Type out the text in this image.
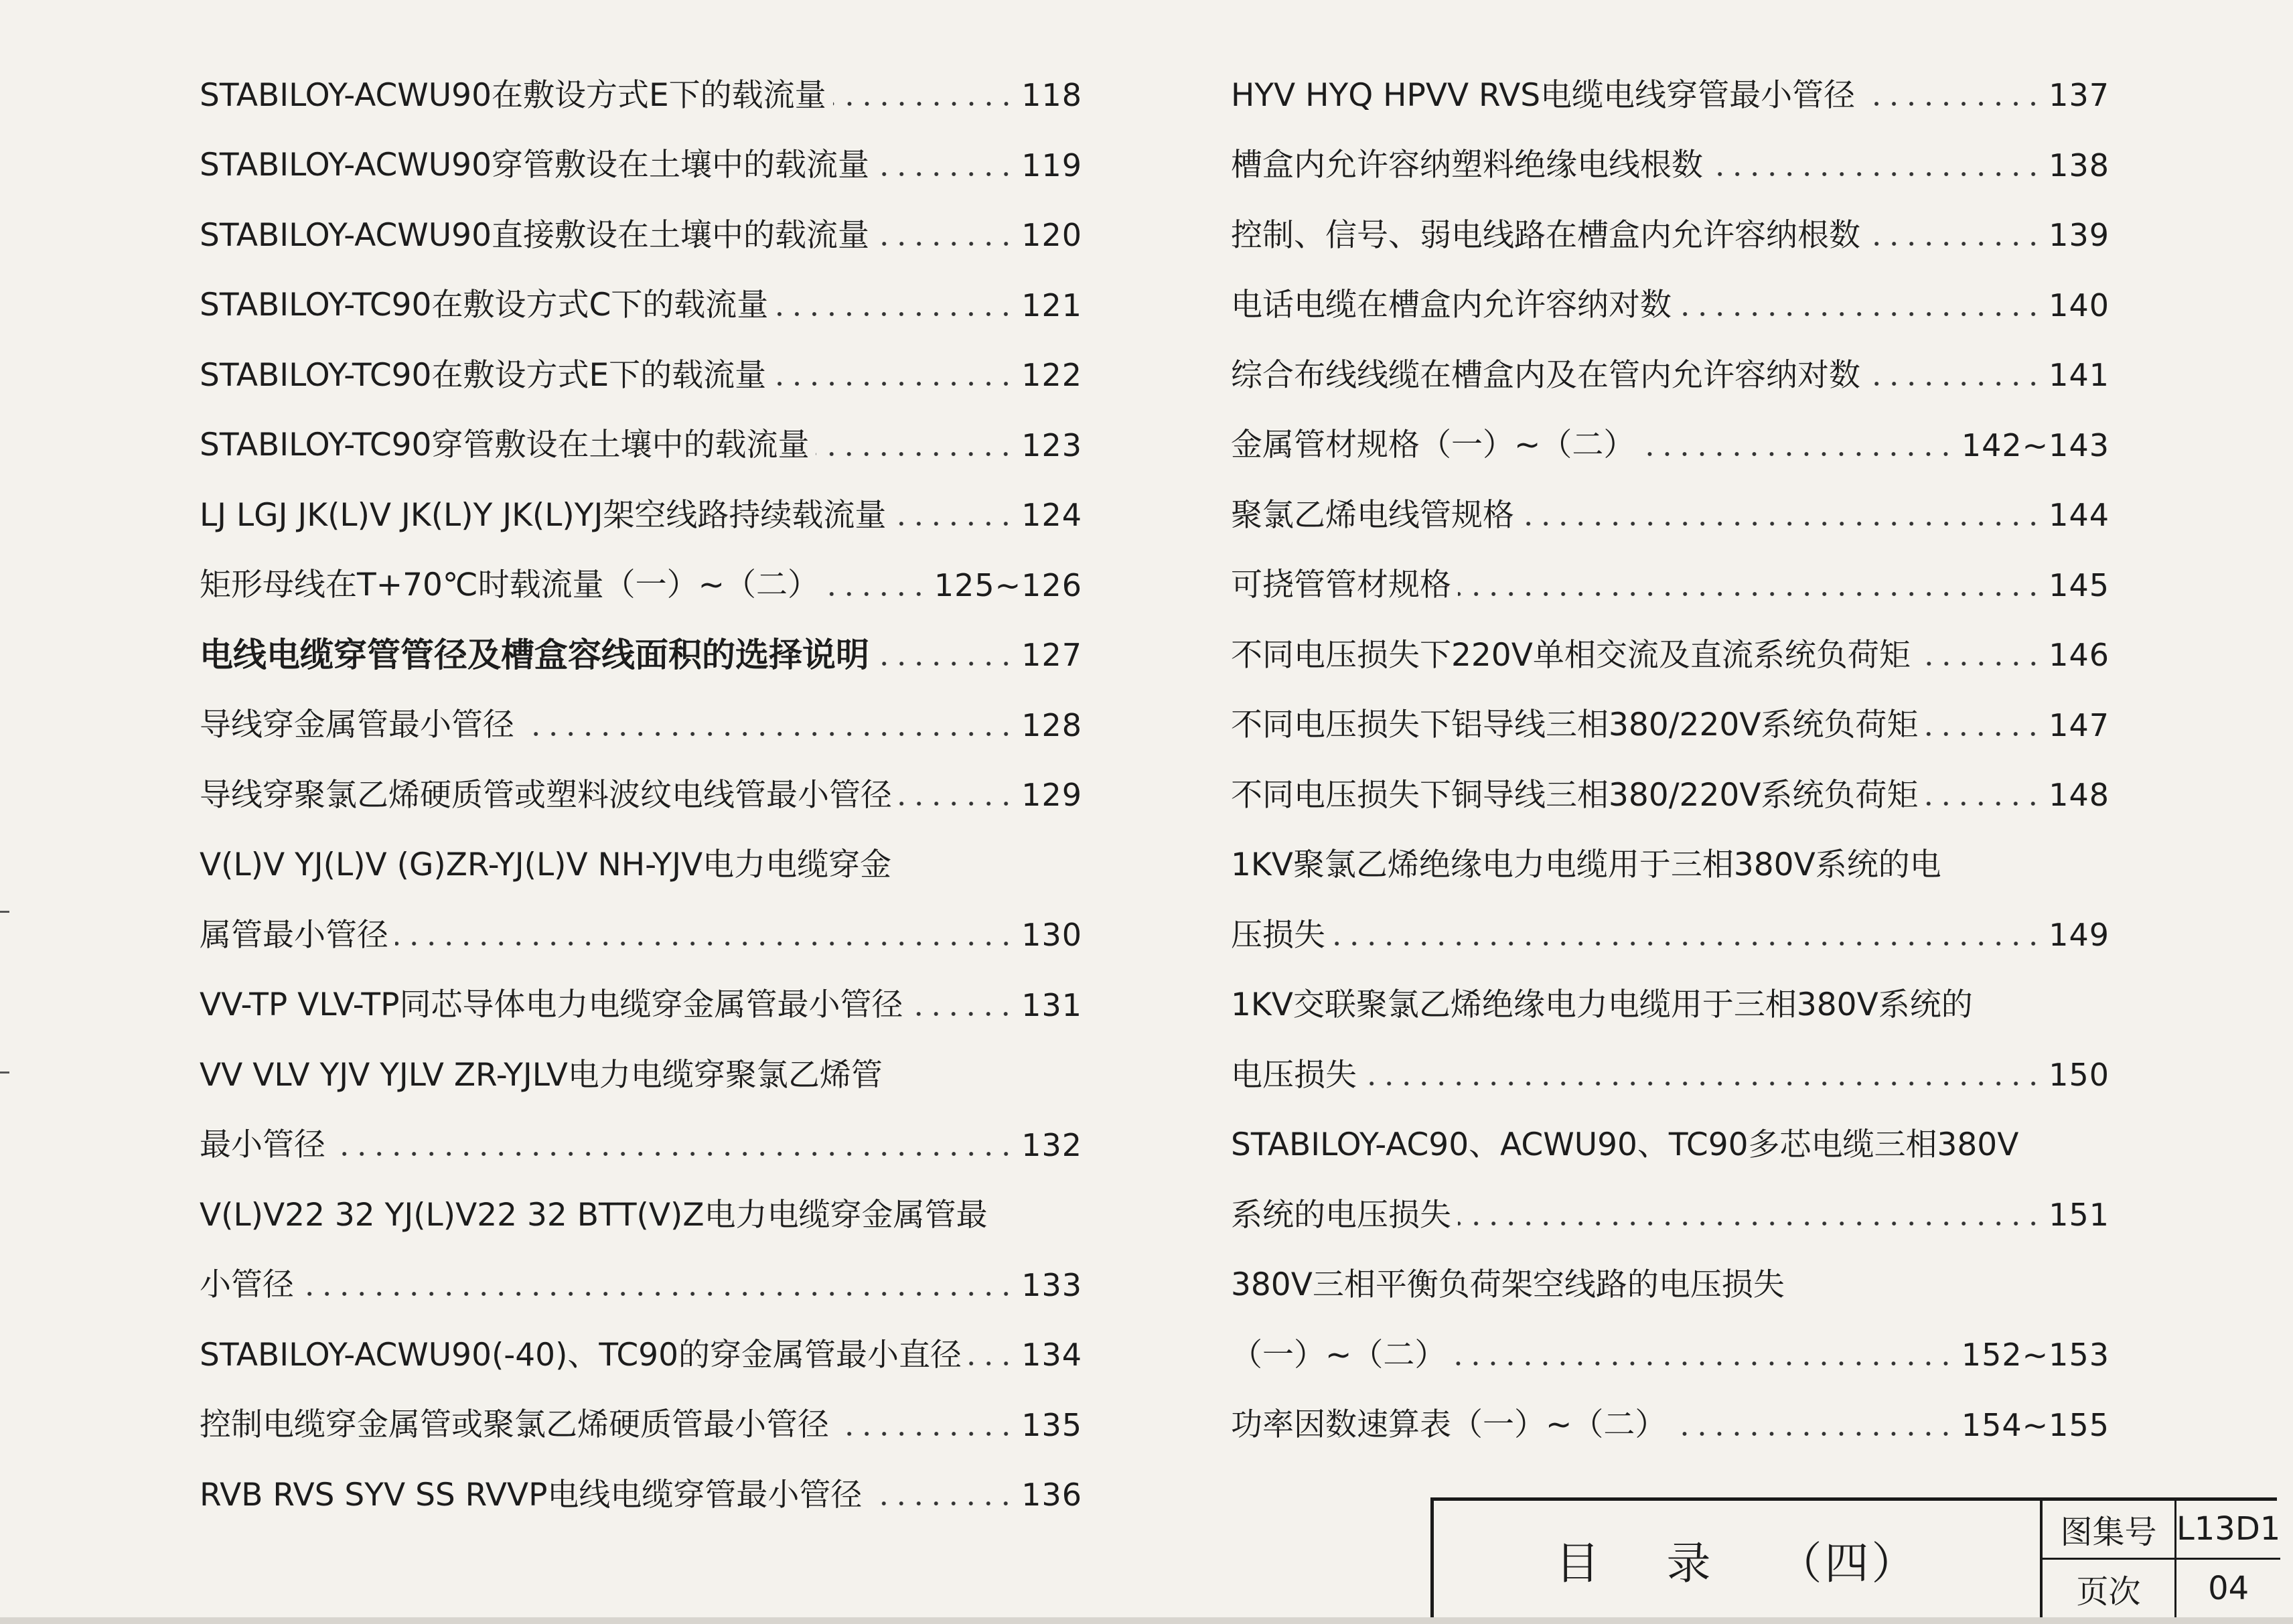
STABILOY-ACWU90在敷设方式E下的载流量	118
STABILOY-ACWU90穿管敷设在土壤中的载流量	119
STABILOY-ACWU90直接敷设在土壤中的载流量	120
STABILOY-TC90在敷设方式C下的载流量	121
STABILOY-TC90在敷设方式E下的载流量	122
STABILOY-TC90穿管敷设在土壤中的载流量	123
LJ LGJ JK(L)V JK(L)Y JK(L)YJ架空线路持续载流量	124
矩形母线在T+70℃时载流量（一）~（二）	125~126
电线电缆穿管管径及槽盒容线面积的选择说明	127
导线穿金属管最小管径	128
导线穿聚氯乙烯硬质管或塑料波纹电线管最小管径	129
V(L)V YJ(L)V (G)ZR-YJ(L)V NH-YJV电力电缆穿金
属管最小管径	130
VV-TP VLV-TP同芯导体电力电缆穿金属管最小管径	131
VV VLV YJV YJLV ZR-YJLV电力电缆穿聚氯乙烯管
最小管径	132
V(L)V22 32 YJ(L)V22 32 BTT(V)Z电力电缆穿金属管最
小管径	133
STABILOY-ACWU90(-40)、TC90的穿金属管最小直径 134
控制电缆穿金属管或聚氯乙烯硬质管最小管径	135
RVB RVS SYV SS RVVP电线电缆穿管最小管径	136
HYV HYQ HPVV RVS电缆电线穿管最小管径	137
槽盒内允许容纳塑料绝缘电线根数	138
控制、信号、弱电线路在槽盒内允许容纳根数	139
电话电缆在槽盒内允许容纳对数	140
综合布线线缆在槽盒内及在管内允许容纳对数	141
金属管材规格（一）~（二）	142~143
聚氯乙烯电线管规格	144
可挠管管材规格	145
不同电压损失下220V单相交流及直流系统负荷矩	146
不同电压损失下铝导线三相380/220V系统负荷矩	147
不同电压损失下铜导线三相380/220V系统负荷矩	148
1KV聚氯乙烯绝缘电力电缆用于三相380V系统的电
压损失	149
1KV交联聚氯乙烯绝缘电力电缆用于三相380V系统的
电压损失	150
STABILOY-AC90、ACWU90、TC90多芯电缆三相380V
系统的电压损失	151
380V三相平衡负荷架空线路的电压损失
（一）~（二）	152~153
功率因数速算表（一）~（二）	154~155
目 录 （四）
图集号 L13D1
页次	04
